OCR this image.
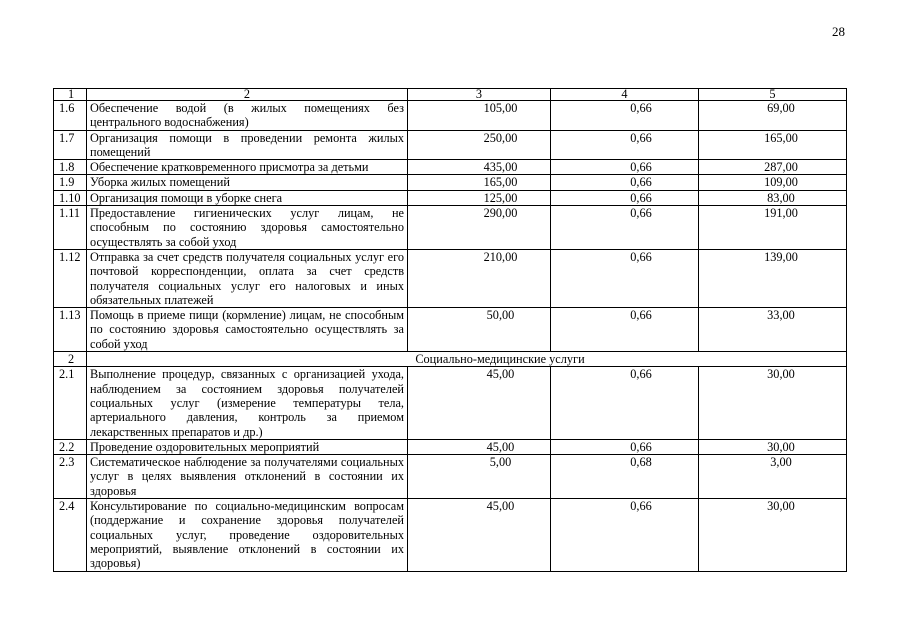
28
1	2	3	4	5
1.6	Обеспечение водой (в жилых помещениях без центрального водоснабжения)	105,00	0,66	69,00
1.7	Организация помощи в проведении ремонта жилых помещений	250,00	0,66	165,00
1.8	Обеспечение кратковременного присмотра за детьми	435,00	0,66	287,00
1.9	Уборка жилых помещений	165,00	0,66	109,00
1.10	Организация помощи в уборке снега	125,00	0,66	83,00
1.11	Предоставление гигиенических услуг лицам, не способным по состоянию здоровья самостоятельно осуществлять за собой уход	290,00	0,66	191,00
1.12	Отправка за счет средств получателя социальных услуг его почтовой корреспонденции, оплата за счет средств получателя социальных услуг его налоговых и иных обязательных платежей	210,00	0,66	139,00
1.13	Помощь в приеме пищи (кормление) лицам, не способным по состоянию здоровья самостоятельно осуществлять за собой уход	50,00	0,66	33,00
2	Социально-медицинские услуги			
2.1	Выполнение процедур, связанных с организацией ухода, наблюдением за состоянием здоровья получателей социальных услуг (измерение температуры тела, артериального давления, контроль за приемом лекарственных препаратов и др.)	45,00	0,66	30,00
2.2	Проведение оздоровительных мероприятий	45,00	0,66	30,00
2.3	Систематическое наблюдение за получателями социальных услуг в целях выявления отклонений в состоянии их здоровья	5,00	0,68	3,00
2.4	Консультирование по социально-медицинским вопросам (поддержание и сохранение здоровья получателей социальных услуг, проведение оздоровительных мероприятий, выявление отклонений в состоянии их здоровья)	45,00	0,66	30,00
